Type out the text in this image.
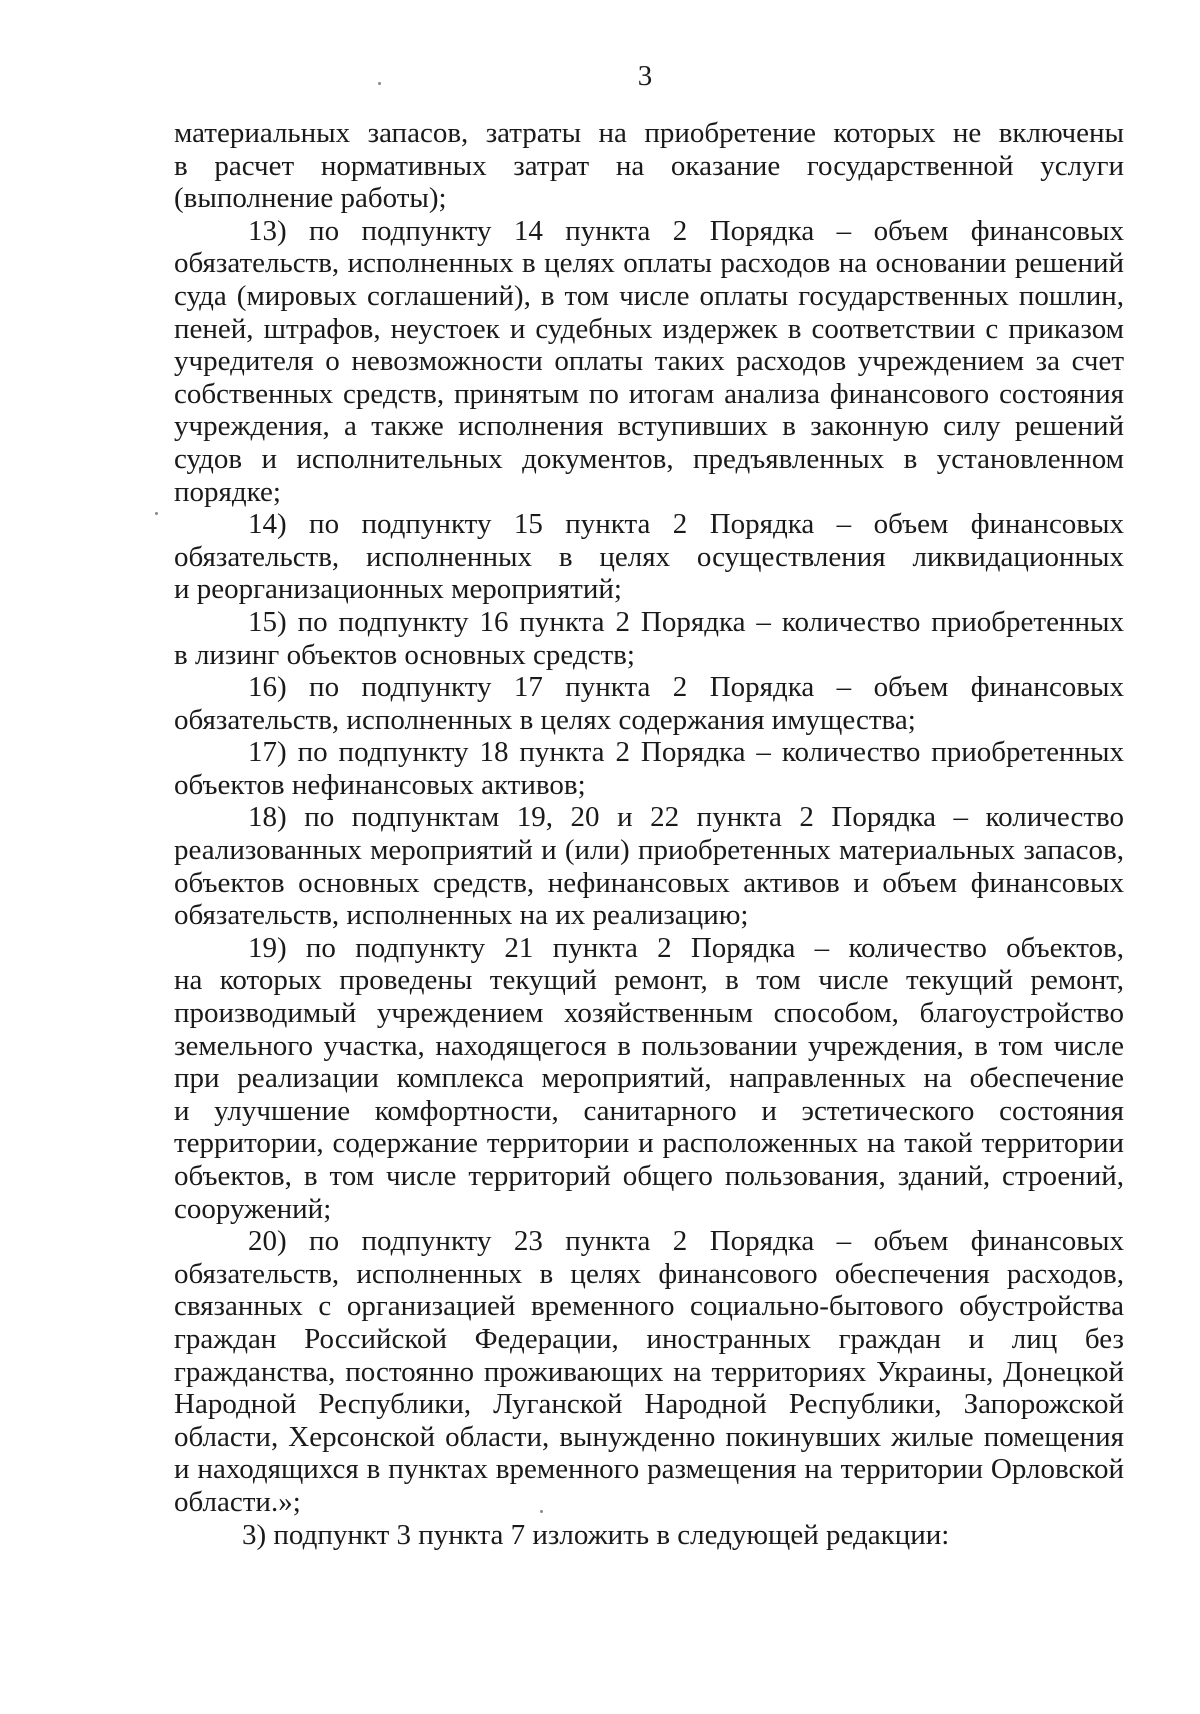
3
материальных запасов, затраты на приобретение которых не включены
в расчет нормативных затрат на оказание государственной услуги
(выполнение работы);
13) по подпункту 14 пункта 2 Порядка – объем финансовых
обязательств, исполненных в целях оплаты расходов на основании решений
суда (мировых соглашений), в том числе оплаты государственных пошлин,
пеней, штрафов, неустоек и судебных издержек в соответствии с приказом
учредителя о невозможности оплаты таких расходов учреждением за счет
собственных средств, принятым по итогам анализа финансового состояния
учреждения, а также исполнения вступивших в законную силу решений
судов и исполнительных документов, предъявленных в установленном
порядке;
14) по подпункту 15 пункта 2 Порядка – объем финансовых
обязательств, исполненных в целях осуществления ликвидационных
и реорганизационных мероприятий;
15) по подпункту 16 пункта 2 Порядка – количество приобретенных
в лизинг объектов основных средств;
16) по подпункту 17 пункта 2 Порядка – объем финансовых
обязательств, исполненных в целях содержания имущества;
17) по подпункту 18 пункта 2 Порядка – количество приобретенных
объектов нефинансовых активов;
18) по подпунктам 19, 20 и 22 пункта 2 Порядка – количество
реализованных мероприятий и (или) приобретенных материальных запасов,
объектов основных средств, нефинансовых активов и объем финансовых
обязательств, исполненных на их реализацию;
19) по подпункту 21 пункта 2 Порядка – количество объектов,
на которых проведены текущий ремонт, в том числе текущий ремонт,
производимый учреждением хозяйственным способом, благоустройство
земельного участка, находящегося в пользовании учреждения, в том числе
при реализации комплекса мероприятий, направленных на обеспечение
и улучшение комфортности, санитарного и эстетического состояния
территории, содержание территории и расположенных на такой территории
объектов, в том числе территорий общего пользования, зданий, строений,
сооружений;
20) по подпункту 23 пункта 2 Порядка – объем финансовых
обязательств, исполненных в целях финансового обеспечения расходов,
связанных с организацией временного социально-бытового обустройства
граждан Российской Федерации, иностранных граждан и лиц без
гражданства, постоянно проживающих на территориях Украины, Донецкой
Народной Республики, Луганской Народной Республики, Запорожской
области, Херсонской области, вынужденно покинувших жилые помещения
и находящихся в пунктах временного размещения на территории Орловской
области.»;
3) подпункт 3 пункта 7 изложить в следующей редакции:
